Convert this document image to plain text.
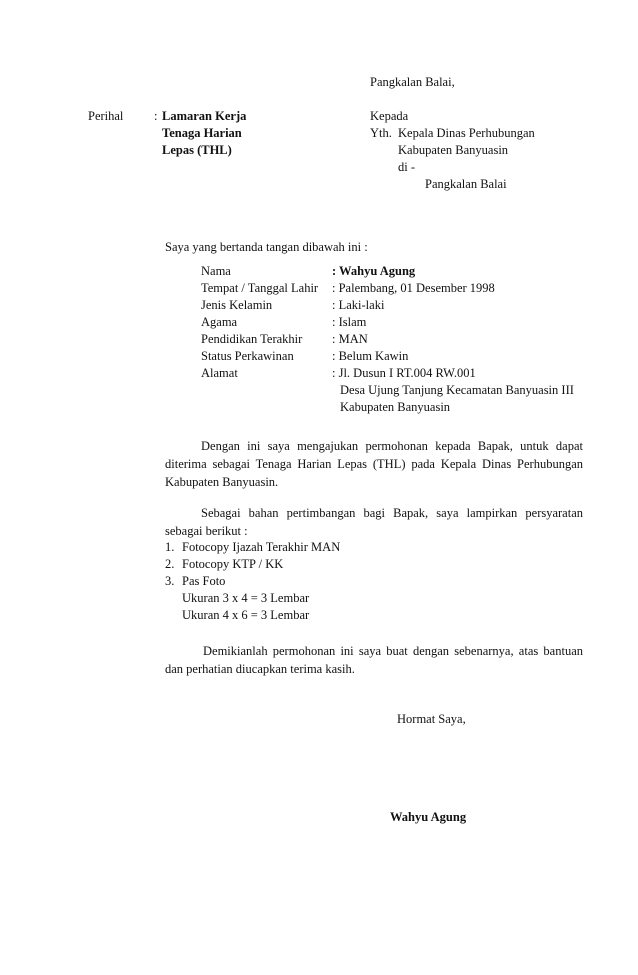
Pangkalan Balai,
Perihal : Lamaran Kerja
Tenaga Harian
Lepas (THL)
Kepada
Yth. Kepala Dinas Perhubungan
Kabupaten Banyuasin
di -
Pangkalan Balai
Saya yang bertanda tangan dibawah ini :
Nama	: Wahyu Agung
Tempat / Tanggal Lahir : Palembang, 01 Desember 1998
Jenis Kelamin	: Laki-laki
Agama	: Islam
Pendidikan Terakhir : MAN
Status Perkawinan	: Belum Kawin
Alamat	: Jl. Dusun I RT.004 RW.001
Desa Ujung Tanjung Kecamatan Banyuasin III
Kabupaten Banyuasin
Dengan ini saya mengajukan permohonan kepada Bapak, untuk dapat
diterima sebagai Tenaga Harian Lepas (THL) pada Kepala Dinas Perhubungan
Kabupaten Banyuasin.
Sebagai bahan pertimbangan bagi Bapak, saya lampirkan persyaratan
sebagai berikut :
1. Fotocopy Ijazah Terakhir MAN
2. Fotocopy KTP / KK
3. Pas Foto
Ukuran 3 x 4 = 3 Lembar
Ukuran 4 x 6 = 3 Lembar
Demikianlah permohonan ini saya buat dengan sebenarnya, atas bantuan
dan perhatian diucapkan terima kasih.
Hormat Saya,
Wahyu Agung
